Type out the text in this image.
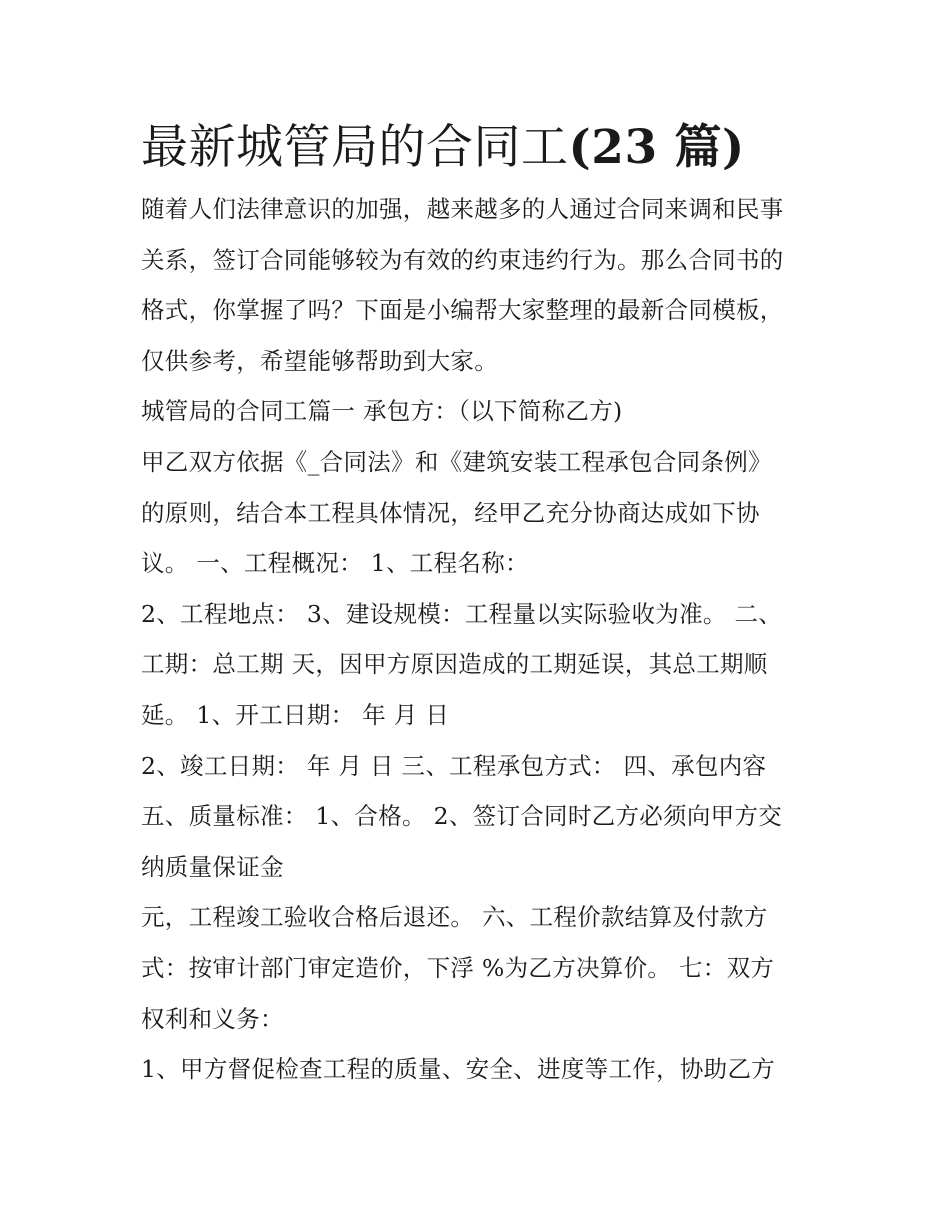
最新城管局的合同工(23 篇)

随着人们法律意识的加强，越来越多的人通过合同来调和民事
关系，签订合同能够较为有效的约束违约行为。那么合同书的
格式，你掌握了吗？下面是小编帮大家整理的最新合同模板，
仅供参考，希望能够帮助到大家。

城管局的合同工篇一 承包方：（以下简称乙方)

甲乙双方依据《_合同法》和《建筑安装工程承包合同条例》
的原则，结合本工程具体情况，经甲乙充分协商达成如下协
议。 一、工程概况： 1、工程名称：

2、工程地点： 3、建设规模：工程量以实际验收为准。 二、
工期：总工期 天，因甲方原因造成的工期延误，其总工期顺
延。 1、开工日期： 年 月 日

2、竣工日期： 年 月 日 三、工程承包方式： 四、承包内容
五、质量标准： 1、合格。 2、签订合同时乙方必须向甲方交
纳质量保证金

元，工程竣工验收合格后退还。 六、工程价款结算及付款方
式：按审计部门审定造价，下浮 %为乙方决算价。 七：双方
权利和义务：

1、甲方督促检查工程的质量、安全、进度等工作，协助乙方
